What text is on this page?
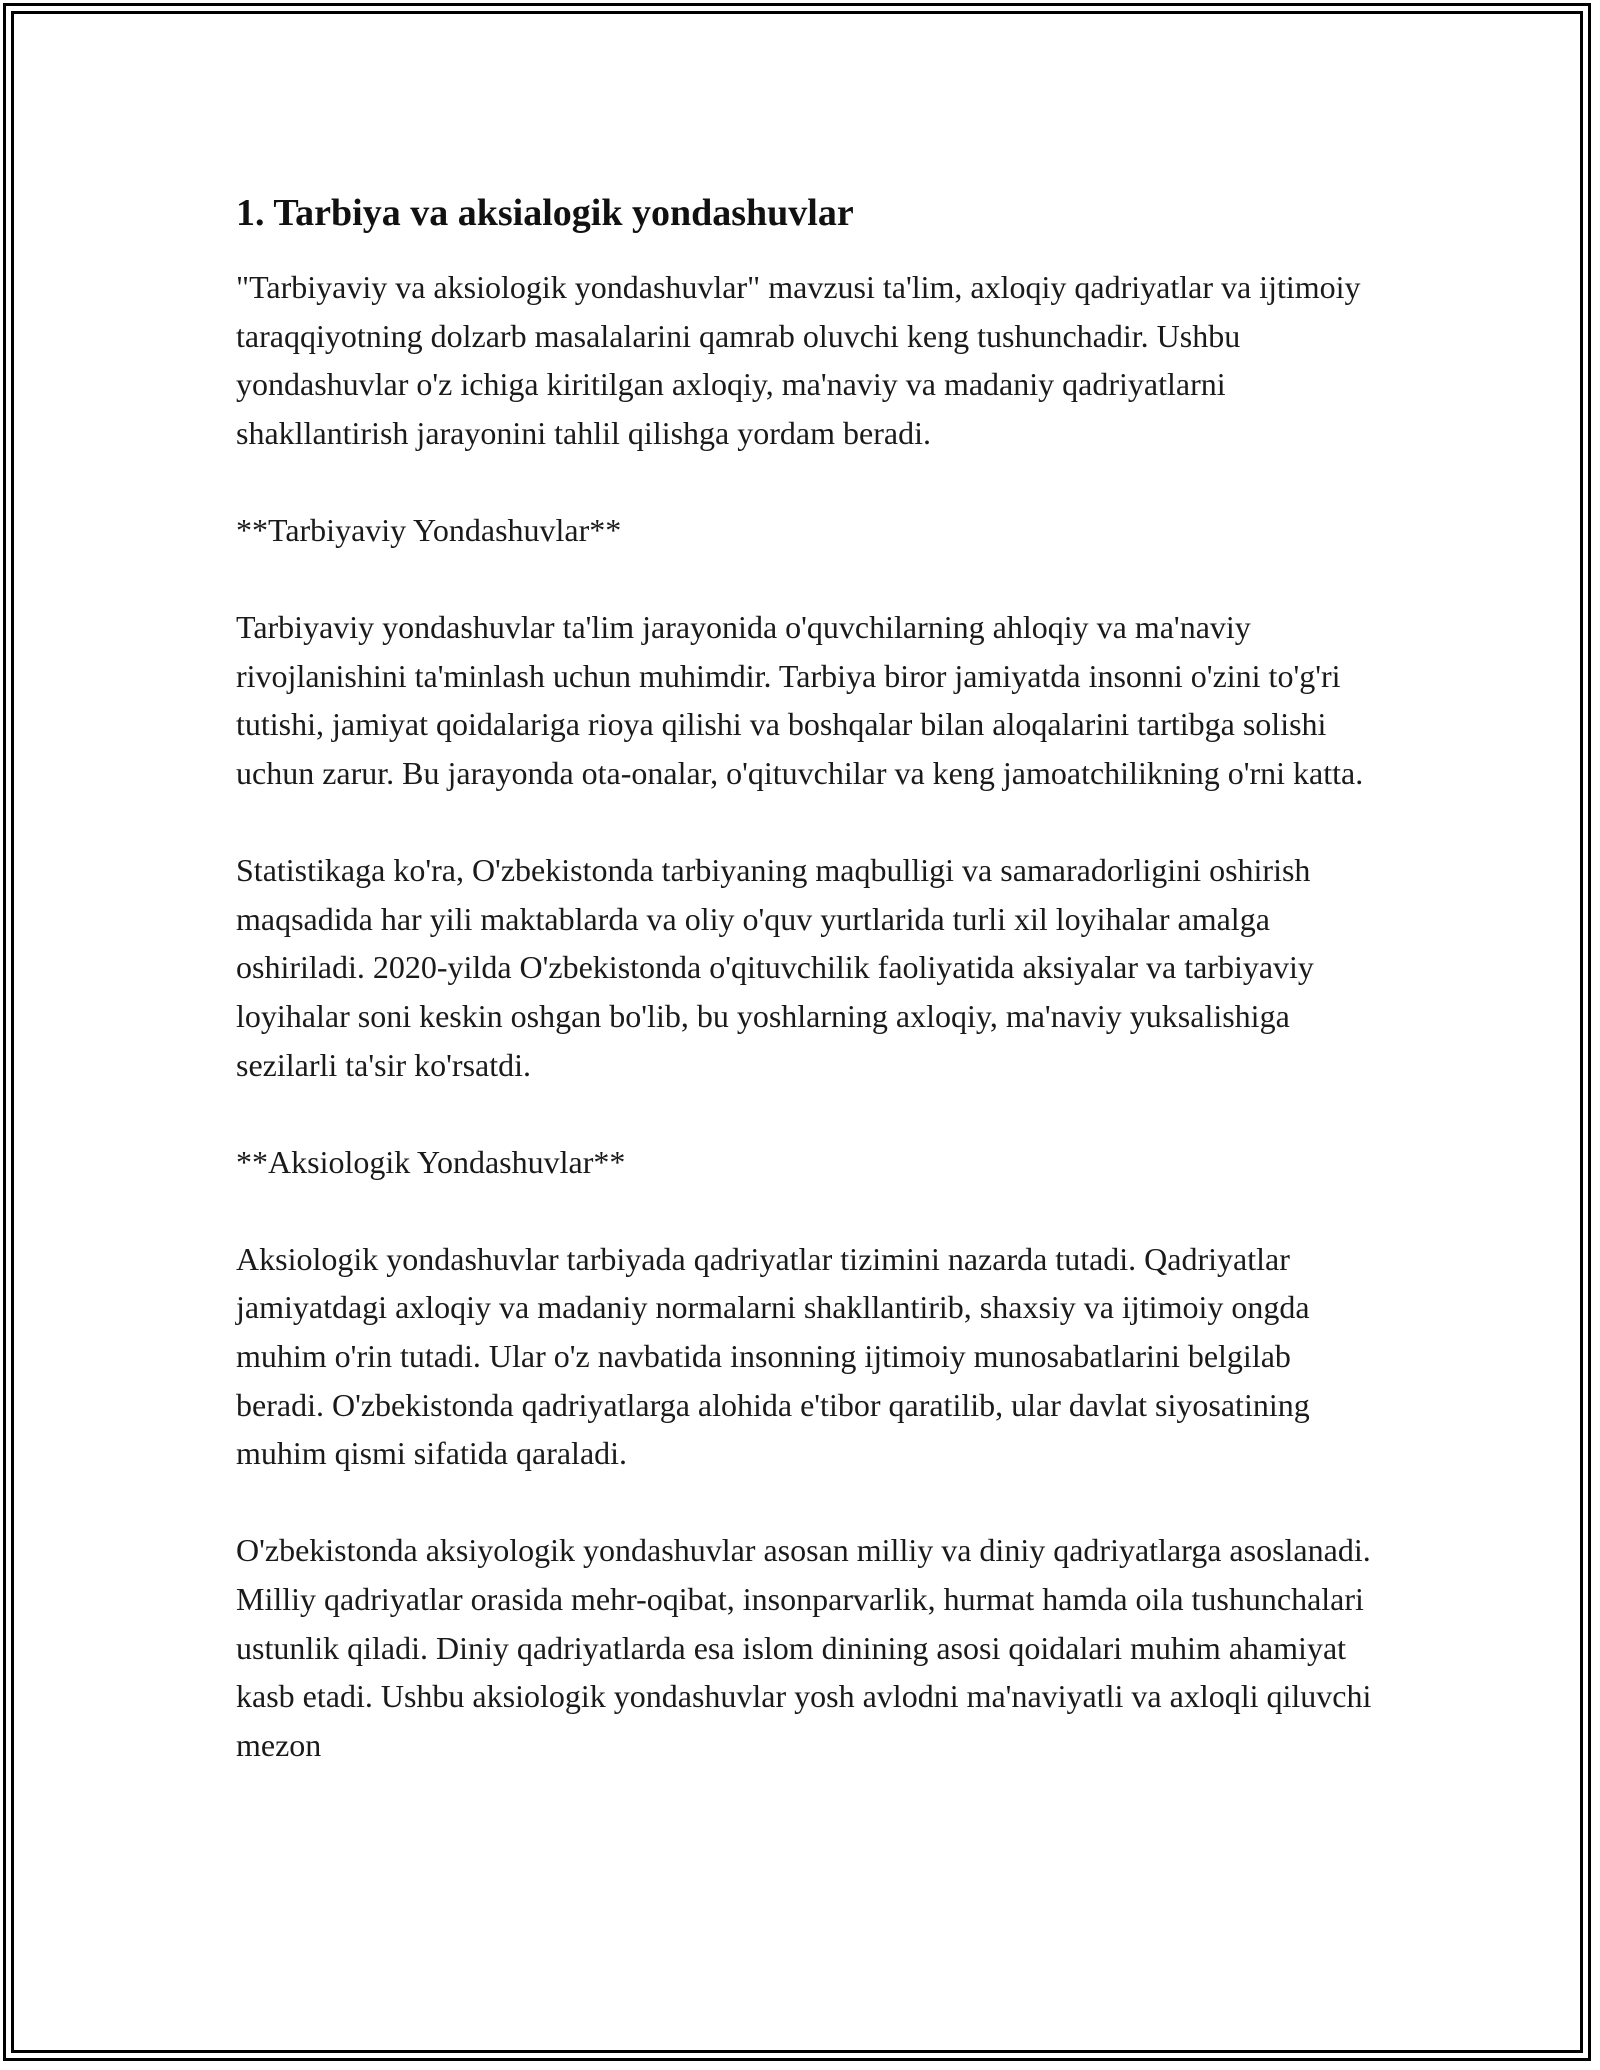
1. Tarbiya va aksialogik yondashuvlar

"Tarbiyaviy va aksiologik yondashuvlar" mavzusi ta'lim, axloqiy qadriyatlar va ijtimoiy taraqqiyotning dolzarb masalalarini qamrab oluvchi keng tushunchadir. Ushbu yondashuvlar o'z ichiga kiritilgan axloqiy, ma'naviy va madaniy qadriyatlarni shakllantirish jarayonini tahlil qilishga yordam beradi.

**Tarbiyaviy Yondashuvlar**

Tarbiyaviy yondashuvlar ta'lim jarayonida o'quvchilarning ahloqiy va ma'naviy rivojlanishini ta'minlash uchun muhimdir. Tarbiya biror jamiyatda insonni o'zini to'g'ri tutishi, jamiyat qoidalariga rioya qilishi va boshqalar bilan aloqalarini tartibga solishi uchun zarur. Bu jarayonda ota-onalar, o'qituvchilar va keng jamoatchilikning o'rni katta.

Statistikaga ko'ra, O'zbekistonda tarbiyaning maqbulligi va samaradorligini oshirish maqsadida har yili maktablarda va oliy o'quv yurtlarida turli xil loyihalar amalga oshiriladi. 2020-yilda O'zbekistonda o'qituvchilik faoliyatida aksiyalar va tarbiyaviy loyihalar soni keskin oshgan bo'lib, bu yoshlarning axloqiy, ma'naviy yuksalishiga sezilarli ta'sir ko'rsatdi.

**Aksiologik Yondashuvlar**

Aksiologik yondashuvlar tarbiyada qadriyatlar tizimini nazarda tutadi. Qadriyatlar jamiyatdagi axloqiy va madaniy normalarni shakllantirib, shaxsiy va ijtimoiy ongda muhim o'rin tutadi. Ular o'z navbatida insonning ijtimoiy munosabatlarini belgilab beradi. O'zbekistonda qadriyatlarga alohida e'tibor qaratilib, ular davlat siyosatining muhim qismi sifatida qaraladi.

O'zbekistonda aksiyologik yondashuvlar asosan milliy va diniy qadriyatlarga asoslanadi. Milliy qadriyatlar orasida mehr-oqibat, insonparvarlik, hurmat hamda oila tushunchalari ustunlik qiladi. Diniy qadriyatlarda esa islom dinining asosi qoidalari muhim ahamiyat kasb etadi. Ushbu aksiologik yondashuvlar yosh avlodni ma'naviyatli va axloqli qiluvchi mezon
